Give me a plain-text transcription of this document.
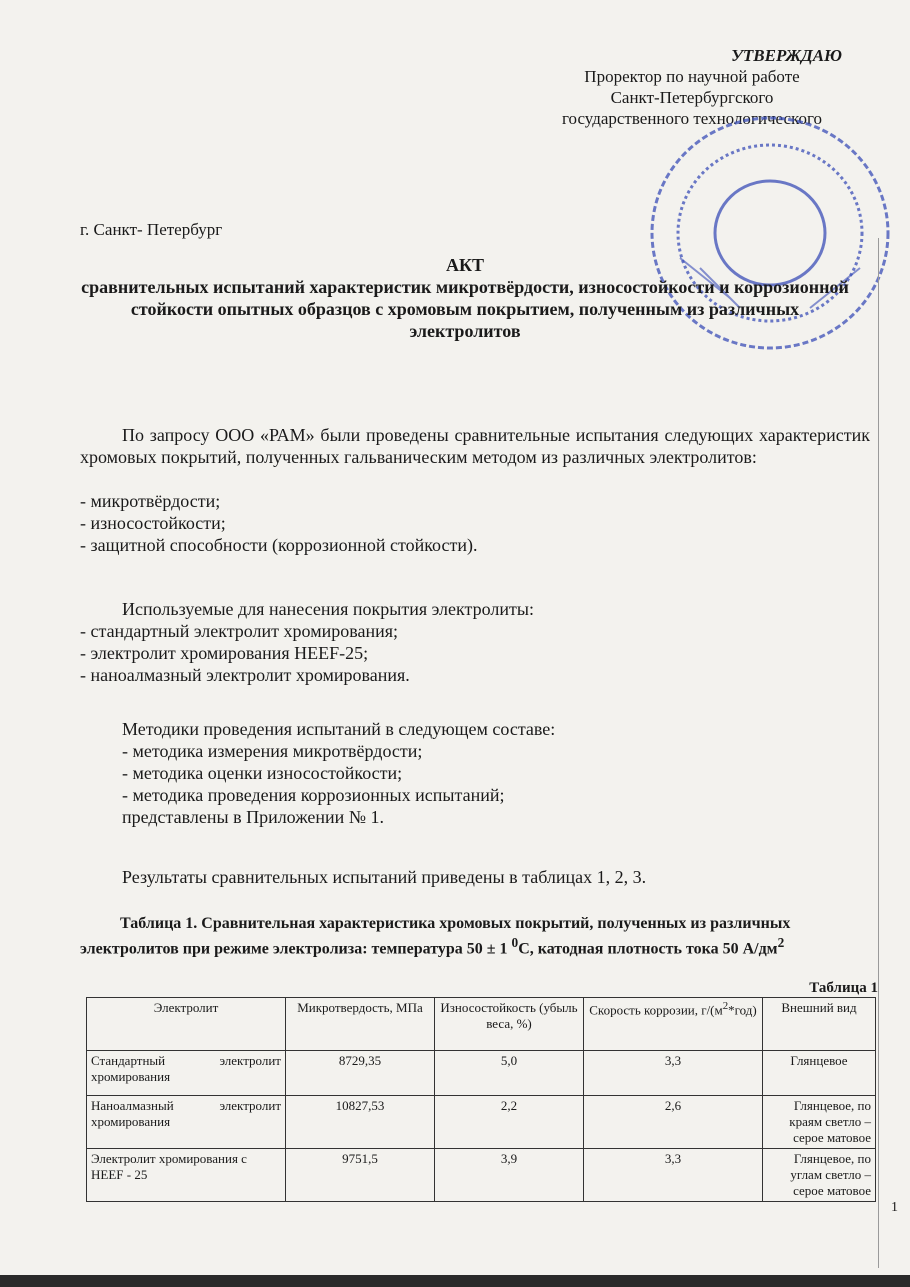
УТВЕРЖДАЮ
Проректор по научной работе
Санкт-Петербургского
государственного технологического
г. Санкт- Петербург
АКТ
сравнительных испытаний характеристик микротвёрдости, износостойкости и коррозионной стойкости опытных образцов с хромовым покрытием, полученным из различных электролитов
По запросу ООО «РАМ» были проведены сравнительные испытания следующих характеристик хромовых покрытий, полученных гальваническим методом из различных электролитов:
- микротвёрдости;
- износостойкости;
- защитной способности (коррозионной стойкости).
Используемые для нанесения покрытия электролиты:
- стандартный электролит хромирования;
- электролит хромирования HEEF-25;
- наноалмазный электролит хромирования.
Методики проведения испытаний в следующем составе:
- методика измерения микротвёрдости;
- методика оценки износостойкости;
- методика проведения коррозионных испытаний;
представлены в Приложении № 1.
Результаты сравнительных испытаний приведены в таблицах 1, 2, 3.
Таблица 1. Сравнительная характеристика хромовых покрытий, полученных из различных электролитов при режиме электролиза: температура 50 ± 1 $^0$С, катодная плотность тока 50 $А/дм^2$
Таблица 1
Электролит	Микротвердость, МПа	Износостойкость (убыль веса, %)	Скорость коррозии, $г/(м^2*год)$	Внешний вид
Стандартный электролит хромирования	8729,35	5,0	3,3	Глянцевое
Наноалмазный электролит хромирования	10827,53	2,2	2,6	Глянцевое, по краям светло – серое матовое
Электролит хромирования с HEEF - 25	9751,5	3,9	3,3	Глянцевое, по углам светло – серое матовое
1
